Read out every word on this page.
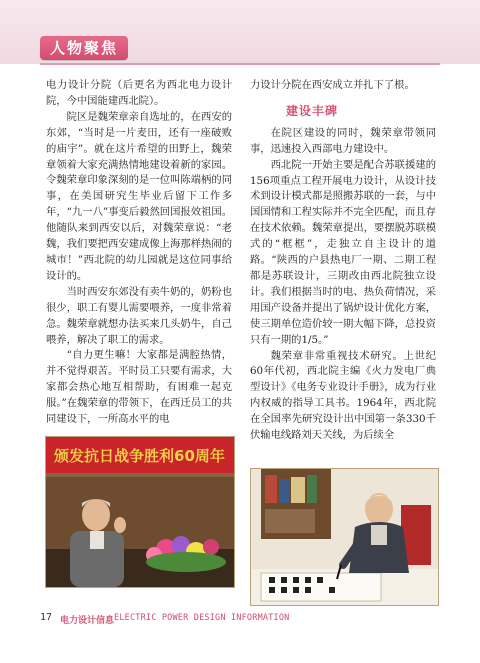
人物聚焦

电力设计分院（后更名为西北电力设计院，今中国能建西北院）。

院区是魏荣章亲自选址的，在西安的东郊，“当时是一片麦田，还有一座破败的庙宇”。就在这片希望的田野上，魏荣章领着大家充满热情地建设着新的家园。令魏荣章印象深刻的是一位叫陈端柄的同事，在美国研究生毕业后留下工作多年，“九一八”事变后毅然回国报效祖国。他随队来到西安以后，对魏荣章说：“老魏，我们要把西安建成像上海那样热闹的城市！”西北院的幼儿园就是这位同事给设计的。

当时西安东郊没有卖牛奶的，奶粉也很少，职工有婴儿需要喂养，一度非常着急。魏荣章就想办法买来几头奶牛，自己喂养，解决了职工的需求。

“自力更生嘛！大家都是满腔热情，并不觉得艰苦。平时员工只要有需求，大家都会热心地互相帮助，有困难一起克服。”在魏荣章的带领下，在西迁员工的共同建设下，一所高水平的电

力设计分院在西安成立并扎下了根。

建设丰碑

在院区建设的同时，魏荣章带领同事，迅速投入西部电力建设中。

西北院一开始主要是配合苏联援建的156项重点工程开展电力设计，从设计技术到设计模式都是照搬苏联的一套，与中国国情和工程实际并不完全匹配，而且存在技术依赖。魏荣章提出，要摆脱苏联模式的“框框”，走独立自主设计的道路。“陕西的户县热电厂一期、二期工程都是苏联设计，三期改由西北院独立设计。我们根据当时的电、热负荷情况，采用国产设备并提出了锅炉设计优化方案，使三期单位造价较一期大幅下降，总投资只有一期的1/5。”

魏荣章非常重视技术研究。上世纪60年代初，西北院主编《火力发电厂典型设计》《电务专业设计手册》，成为行业内权威的指导工具书。1964年，西北院在全国率先研究设计出中国第一条330千伏输电线路刘天关线，为后续全

颁发抗日战争胜利60周年
17 电力设计信息 ELECTRIC POWER DESIGN INFORMATION
